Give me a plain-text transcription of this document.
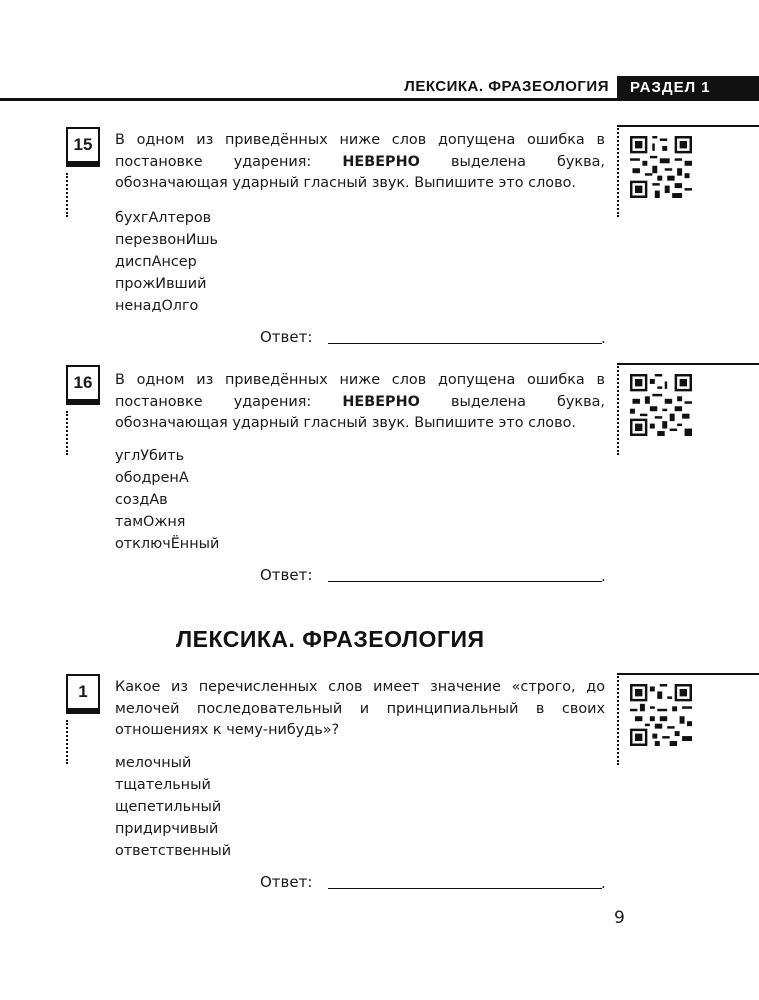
ЛЕКСИКА. ФРАЗЕОЛОГИЯ	РАЗДЕЛ 1
15	В одном из приведённых ниже слов допущена ошибка в постановке ударения: НЕВЕРНО выделена буква, обозначающая ударный гласный звук. Выпишите это слово.
бухгАлтеров
перезвонИшь
диспАнсер
прожИвший
ненадОлго
Ответ:	.
16	В одном из приведённых ниже слов допущена ошибка в постановке ударения: НЕВЕРНО выделена буква, обозначающая ударный гласный звук. Выпишите это слово.
углУбить
ободренА
создАв
тамОжня
отключЁнный
Ответ:	.
ЛЕКСИКА. ФРАЗЕОЛОГИЯ
1	Какое из перечисленных слов имеет значение «строго, до мелочей последовательный и принципиальный в своих отношениях к чему-нибудь»?
мелочный
тщательный
щепетильный
придирчивый
ответственный
Ответ:	.
9
